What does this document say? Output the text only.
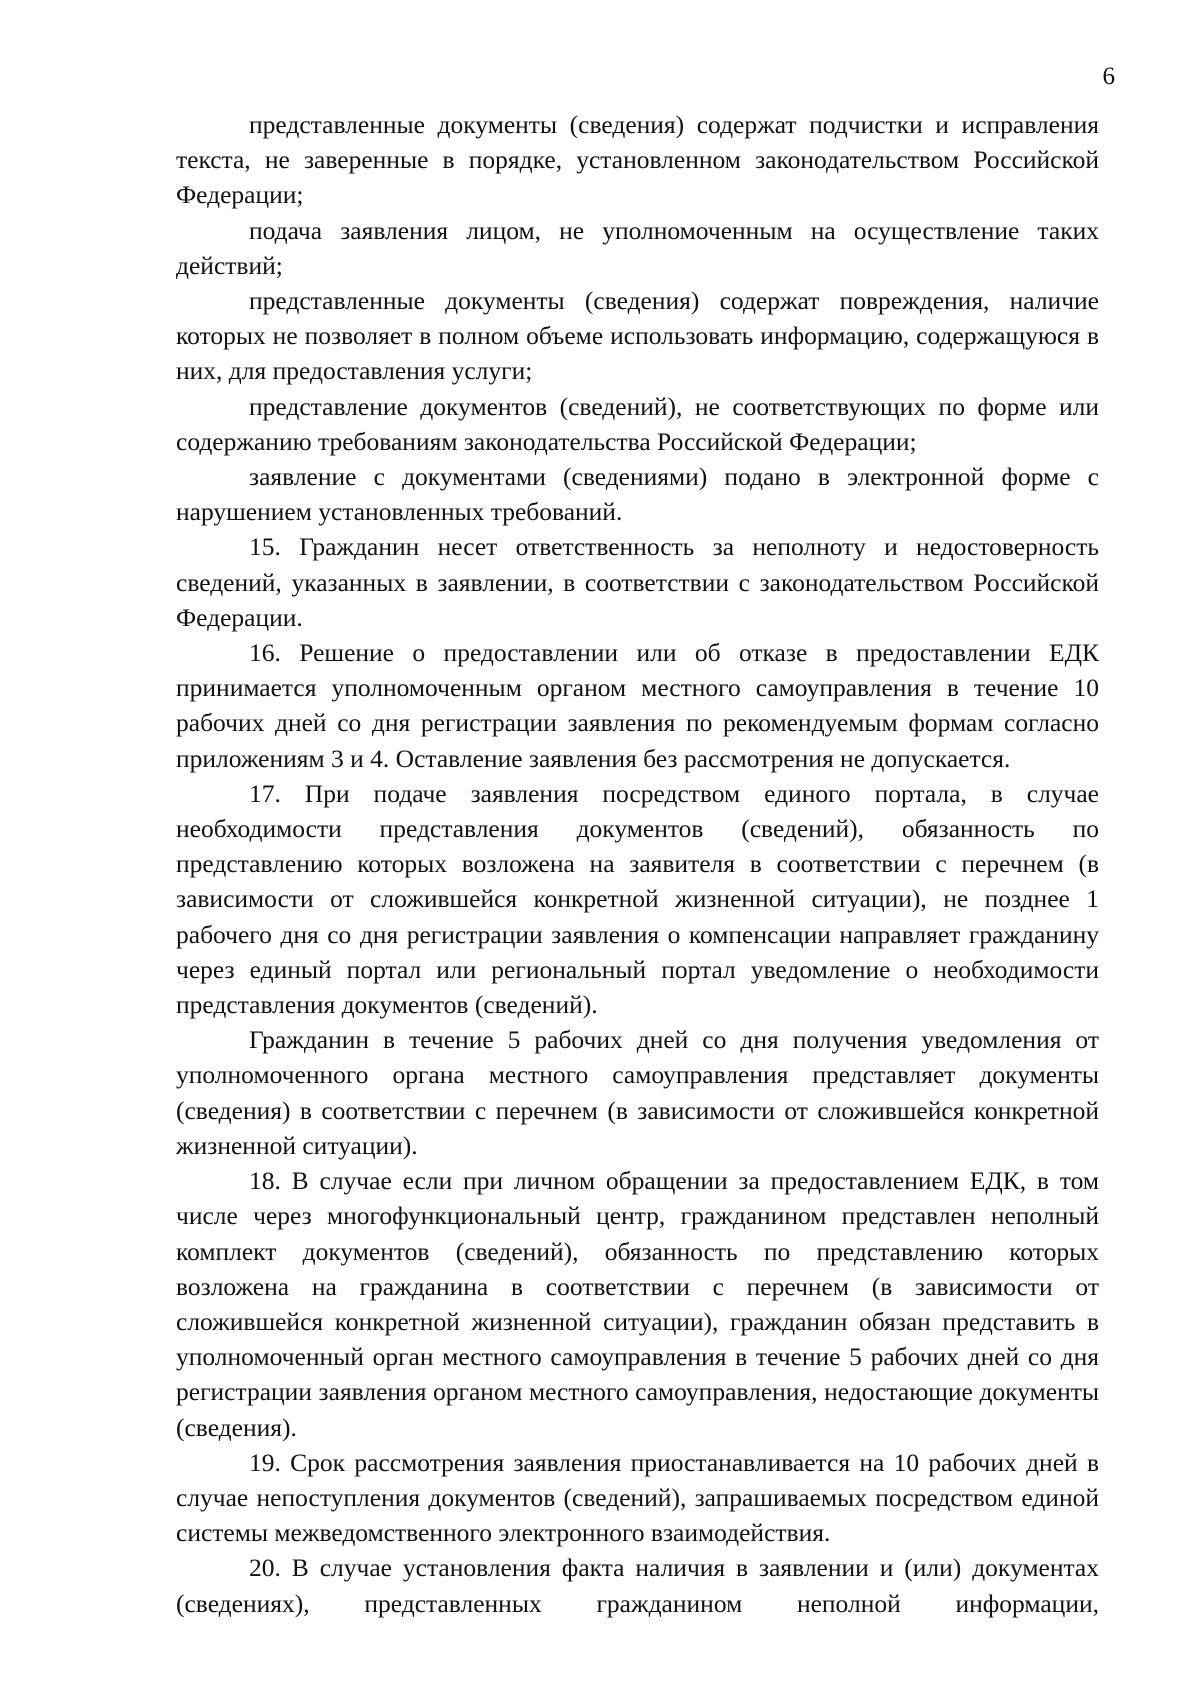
6

представленные документы (сведения) содержат подчистки и исправления текста, не заверенные в порядке, установленном законодательством Российской Федерации;

подача заявления лицом, не уполномоченным на осуществление таких действий;

представленные документы (сведения) содержат повреждения, наличие которых не позволяет в полном объеме использовать информацию, содержащуюся в них, для предоставления услуги;

представление документов (сведений), не соответствующих по форме или содержанию требованиям законодательства Российской Федерации;

заявление с документами (сведениями) подано в электронной форме с нарушением установленных требований.

15. Гражданин несет ответственность за неполноту и недостоверность сведений, указанных в заявлении, в соответствии с законодательством Российской Федерации.

16. Решение о предоставлении или об отказе в предоставлении ЕДК принимается уполномоченным органом местного самоуправления в течение 10 рабочих дней со дня регистрации заявления по рекомендуемым формам согласно приложениям 3 и 4. Оставление заявления без рассмотрения не допускается.

17. При подаче заявления посредством единого портала, в случае необходимости представления документов (сведений), обязанность по представлению которых возложена на заявителя в соответствии с перечнем (в зависимости от сложившейся конкретной жизненной ситуации), не позднее 1 рабочего дня со дня регистрации заявления о компенсации направляет гражданину через единый портал или региональный портал уведомление о необходимости представления документов (сведений).

Гражданин в течение 5 рабочих дней со дня получения уведомления от уполномоченного органа местного самоуправления представляет документы (сведения) в соответствии с перечнем (в зависимости от сложившейся конкретной жизненной ситуации).

18. В случае если при личном обращении за предоставлением ЕДК, в том числе через многофункциональный центр, гражданином представлен неполный комплект документов (сведений), обязанность по представлению которых возложена на гражданина в соответствии с перечнем (в зависимости от сложившейся конкретной жизненной ситуации), гражданин обязан представить в уполномоченный орган местного самоуправления в течение 5 рабочих дней со дня регистрации заявления органом местного самоуправления, недостающие документы (сведения).

19. Срок рассмотрения заявления приостанавливается на 10 рабочих дней в случае непоступления документов (сведений), запрашиваемых посредством единой системы межведомственного электронного взаимодействия.

20. В случае установления факта наличия в заявлении и (или) документах (сведениях), представленных гражданином неполной информации,
